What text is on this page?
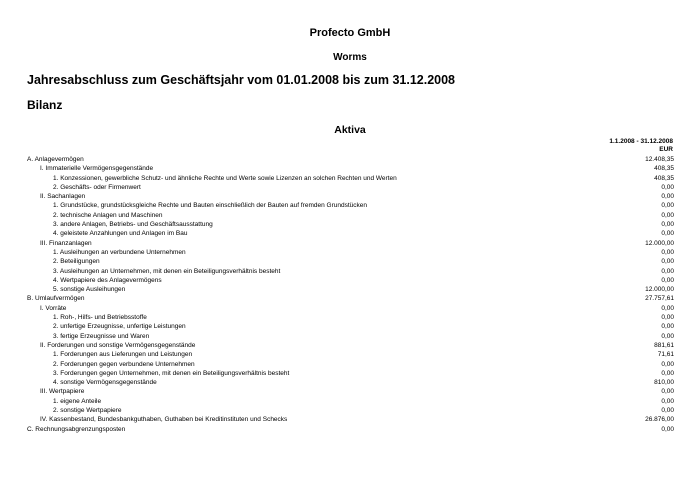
Profecto GmbH
Worms
Jahresabschluss zum Geschäftsjahr vom 01.01.2008 bis zum 31.12.2008
Bilanz
Aktiva
1.1.2008 - 31.12.2008
EUR
A. Anlagevermögen	12.408,35
I. Immaterielle Vermögensgegenstände	408,35
1. Konzessionen, gewerbliche Schutz- und ähnliche Rechte und Werte sowie Lizenzen an solchen Rechten und Werten	408,35
2. Geschäfts- oder Firmenwert	0,00
II. Sachanlagen	0,00
1. Grundstücke, grundstücksgleiche Rechte und Bauten einschließlich der Bauten auf fremden Grundstücken	0,00
2. technische Anlagen und Maschinen	0,00
3. andere Anlagen, Betriebs- und Geschäftsausstattung	0,00
4. geleistete Anzahlungen und Anlagen im Bau	0,00
III. Finanzanlagen	12.000,00
1. Ausleihungen an verbundene Unternehmen	0,00
2. Beteiligungen	0,00
3. Ausleihungen an Unternehmen, mit denen ein Beteiligungsverhältnis besteht	0,00
4. Wertpapiere des Anlagevermögens	0,00
5. sonstige Ausleihungen	12.000,00
B. Umlaufvermögen	27.757,61
I. Vorräte	0,00
1. Roh-, Hilfs- und Betriebsstoffe	0,00
2. unfertige Erzeugnisse, unfertige Leistungen	0,00
3. fertige Erzeugnisse und Waren	0,00
II. Forderungen und sonstige Vermögensgegenstände	881,61
1. Forderungen aus Lieferungen und Leistungen	71,61
2. Forderungen gegen verbundene Unternehmen	0,00
3. Forderungen gegen Unternehmen, mit denen ein Beteiligungsverhältnis besteht	0,00
4. sonstige Vermögensgegenstände	810,00
III. Wertpapiere	0,00
1. eigene Anteile	0,00
2. sonstige Wertpapiere	0,00
IV. Kassenbestand, Bundesbankguthaben, Guthaben bei Kreditinstituten und Schecks	26.876,00
C. Rechnungsabgrenzungsposten	0,00
